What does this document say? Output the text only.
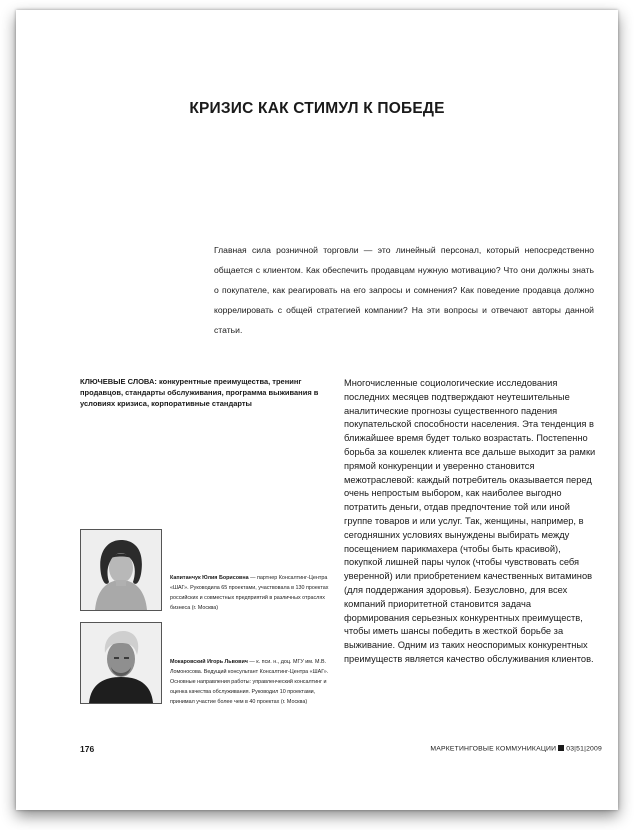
КРИЗИС КАК СТИМУЛ К ПОБЕДЕ
Главная сила розничной торговли — это линейный персонал, который непосредственно общается с клиентом. Как обеспечить продавцам нужную мотивацию? Что они должны знать о покупателе, как реагировать на его запросы и сомнения? Как поведение продавца должно коррелировать с общей стратегией компании? На эти вопросы и отвечают авторы данной статьи.
КЛЮЧЕВЫЕ СЛОВА: конкурентные преимущества, тренинг продавцов, стандарты обслуживания, программа выживания в условиях кризиса, корпоративные стандарты
Многочисленные социологические исследования последних месяцев подтверждают неутешительные аналитические прогнозы существенного падения покупательской способности населения. Эта тенденция в ближайшее время будет только возрастать. Постепенно борьба за кошелек клиента все дальше выходит за рамки прямой конкуренции и уверенно становится межотраслевой: каждый потребитель оказывается перед очень непростым выбором, как наиболее выгодно потратить деньги, отдав предпочтение той или иной группе товаров и или услуг. Так, женщины, например, в сегодняшних условиях вынуждены выбирать между посещением парикмахера (чтобы быть красивой), покупкой лишней пары чулок (чтобы чувствовать себя уверенной) или приобретением качественных витаминов (для поддержания здоровья). Безусловно, для всех компаний приоритетной становится задача формирования серьезных конкурентных преимуществ, чтобы иметь шансы победить в жесткой борьбе за выживание. Одним из таких неоспоримых конкурентных преимуществ является качество обслуживания клиентов.
Капитанчук Юлия Борисовна — партнер Консалтинг-Центра «ШАГ». Руководила 65 проектами, участвовала в 130 проектах российских и совместных предприятий в различных отраслях бизнеса (г. Москва)
Мокаровский Игорь Львович — к. пси. н., доц. МГУ им. М.В. Ломоносова. Ведущий консультант Консалтинг-Центра «ШАГ». Основные направления работы: управленческий консалтинг и оценка качества обслуживания. Руководил 10 проектами, принимал участие более чем в 40 проектах (г. Москва)
176	МАРКЕТИНГОВЫЕ КОММУНИКАЦИИ 03|51|2009
